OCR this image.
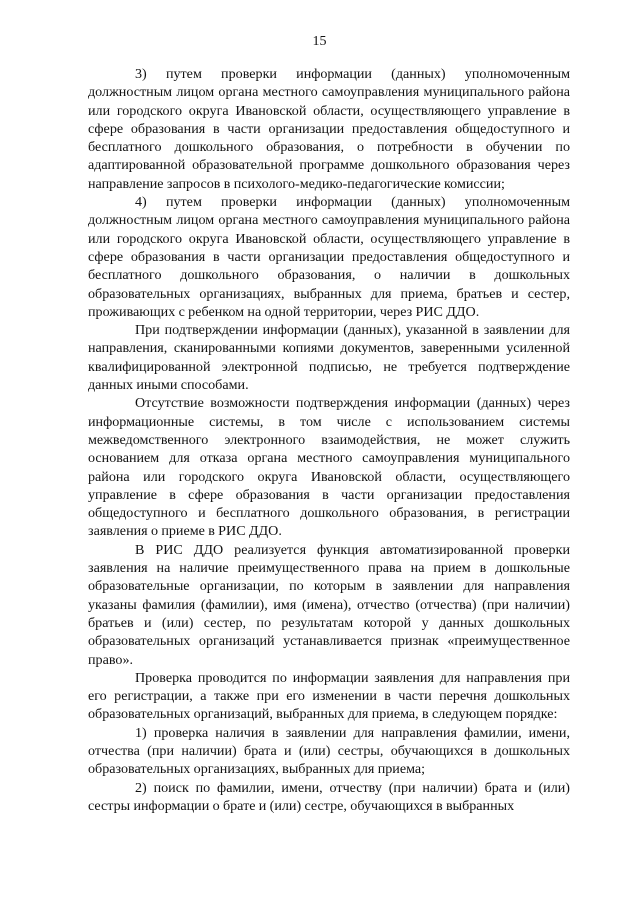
15

3) путем проверки информации (данных) уполномоченным должностным лицом органа местного самоуправления муниципального района или городского округа Ивановской области, осуществляющего управление в сфере образования в части организации предоставления общедоступного и бесплатного дошкольного образования, о потребности в обучении по адаптированной образовательной программе дошкольного образования через направление запросов в психолого-медико-педагогические комиссии;

4) путем проверки информации (данных) уполномоченным должностным лицом органа местного самоуправления муниципального района или городского округа Ивановской области, осуществляющего управление в сфере образования в части организации предоставления общедоступного и бесплатного дошкольного образования, о наличии в дошкольных образовательных организациях, выбранных для приема, братьев и сестер, проживающих с ребенком на одной территории, через РИС ДДО.

При подтверждении информации (данных), указанной в заявлении для направления, сканированными копиями документов, заверенными усиленной квалифицированной электронной подписью, не требуется подтверждение данных иными способами.

Отсутствие возможности подтверждения информации (данных) через информационные системы, в том числе с использованием системы межведомственного электронного взаимодействия, не может служить основанием для отказа органа местного самоуправления муниципального района или городского округа Ивановской области, осуществляющего управление в сфере образования в части организации предоставления общедоступного и бесплатного дошкольного образования, в регистрации заявления о приеме в РИС ДДО.

В РИС ДДО реализуется функция автоматизированной проверки заявления на наличие преимущественного права на прием в дошкольные образовательные организации, по которым в заявлении для направления указаны фамилия (фамилии), имя (имена), отчество (отчества) (при наличии) братьев и (или) сестер, по результатам которой у данных дошкольных образовательных организаций устанавливается признак «преимущественное право».

Проверка проводится по информации заявления для направления при его регистрации, а также при его изменении в части перечня дошкольных образовательных организаций, выбранных для приема, в следующем порядке:

1) проверка наличия в заявлении для направления фамилии, имени, отчества (при наличии) брата и (или) сестры, обучающихся в дошкольных образовательных организациях, выбранных для приема;

2) поиск по фамилии, имени, отчеству (при наличии) брата и (или) сестры информации о брате и (или) сестре, обучающихся в выбранных
